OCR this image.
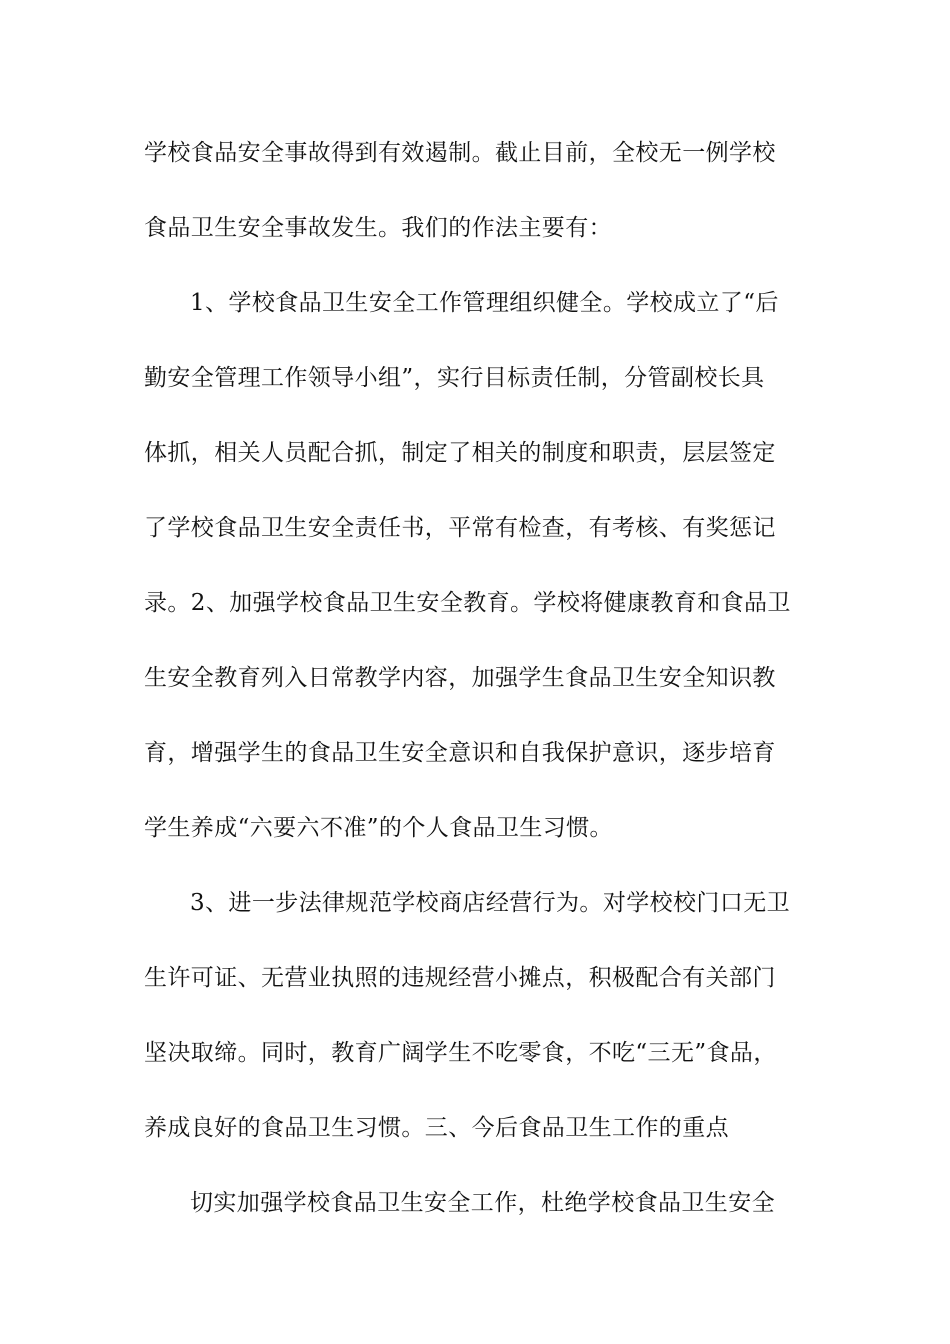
学校食品安全事故得到有效遏制。截止目前，全校无一例学校
食品卫生安全事故发生。我们的作法主要有：
1、学校食品卫生安全工作管理组织健全。学校成立了“后
勤安全管理工作领导小组”，实行目标责任制，分管副校长具
体抓，相关人员配合抓，制定了相关的制度和职责，层层签定
了学校食品卫生安全责任书，平常有检查，有考核、有奖惩记
录。2、加强学校食品卫生安全教育。学校将健康教育和食品卫
生安全教育列入日常教学内容，加强学生食品卫生安全知识教
育，增强学生的食品卫生安全意识和自我保护意识，逐步培育
学生养成“六要六不准”的个人食品卫生习惯。
3、进一步法律规范学校商店经营行为。对学校校门口无卫
生许可证、无营业执照的违规经营小摊点，积极配合有关部门
坚决取缔。同时，教育广阔学生不吃零食，不吃“三无”食品，
养成良好的食品卫生习惯。三、今后食品卫生工作的重点
切实加强学校食品卫生安全工作，杜绝学校食品卫生安全
